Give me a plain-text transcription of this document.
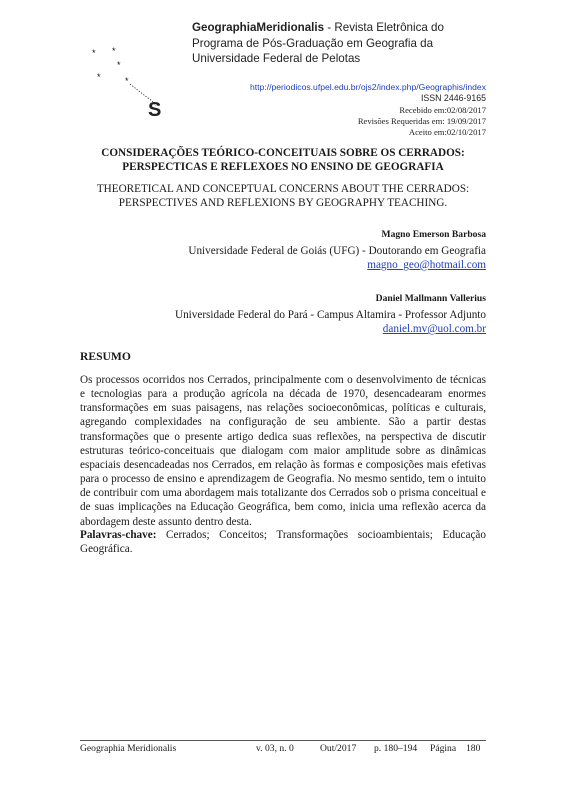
* *
*
*	*
S
GeographiaMeridionalis - Revista Eletrônica do Programa de Pós-Graduação em Geografia da Universidade Federal de Pelotas
http://periodicos.ufpel.edu.br/ojs2/index.php/Geographis/index
ISSN 2446-9165
Recebido em:02/08/2017
Revisões Requeridas em: 19/09/2017
Aceito em:02/10/2017
CONSIDERAÇÕES TEÓRICO-CONCEITUAIS SOBRE OS CERRADOS:
PERSPECTICAS E REFLEXOES NO ENSINO DE GEOGRAFIA
THEORETICAL AND CONCEPTUAL CONCERNS ABOUT THE CERRADOS:
PERSPECTIVES AND REFLEXIONS BY GEOGRAPHY TEACHING.
Magno Emerson Barbosa
Universidade Federal de Goiás (UFG) - Doutorando em Geografia
magno_geo@hotmail.com
Daniel Mallmann Vallerius
Universidade Federal do Pará - Campus Altamira - Professor Adjunto
daniel.mv@uol.com.br
RESUMO
Os processos ocorridos nos Cerrados, principalmente com o desenvolvimento de técnicas e tecnologias para a produção agrícola na década de 1970, desencadearam enormes transformações em suas paisagens, nas relações socioeconômicas, políticas e culturais, agregando complexidades na configuração de seu ambiente. São a partir destas transformações que o presente artigo dedica suas reflexões, na perspectiva de discutir estruturas teórico-conceituais que dialogam com maior amplitude sobre as dinâmicas espaciais desencadeadas nos Cerrados, em relação às formas e composições mais efetivas para o processo de ensino e aprendizagem de Geografia. No mesmo sentido, tem o intuito de contribuir com uma abordagem mais totalizante dos Cerrados sob o prisma conceitual e de suas implicações na Educação Geográfica, bem como, inicia uma reflexão acerca da abordagem deste assunto dentro desta.
Palavras-chave: Cerrados; Conceitos; Transformações socioambientais; Educação Geográfica.
Geographia Meridionalis	v. 03, n. 0	Out/2017	p. 180–194	Página	180
